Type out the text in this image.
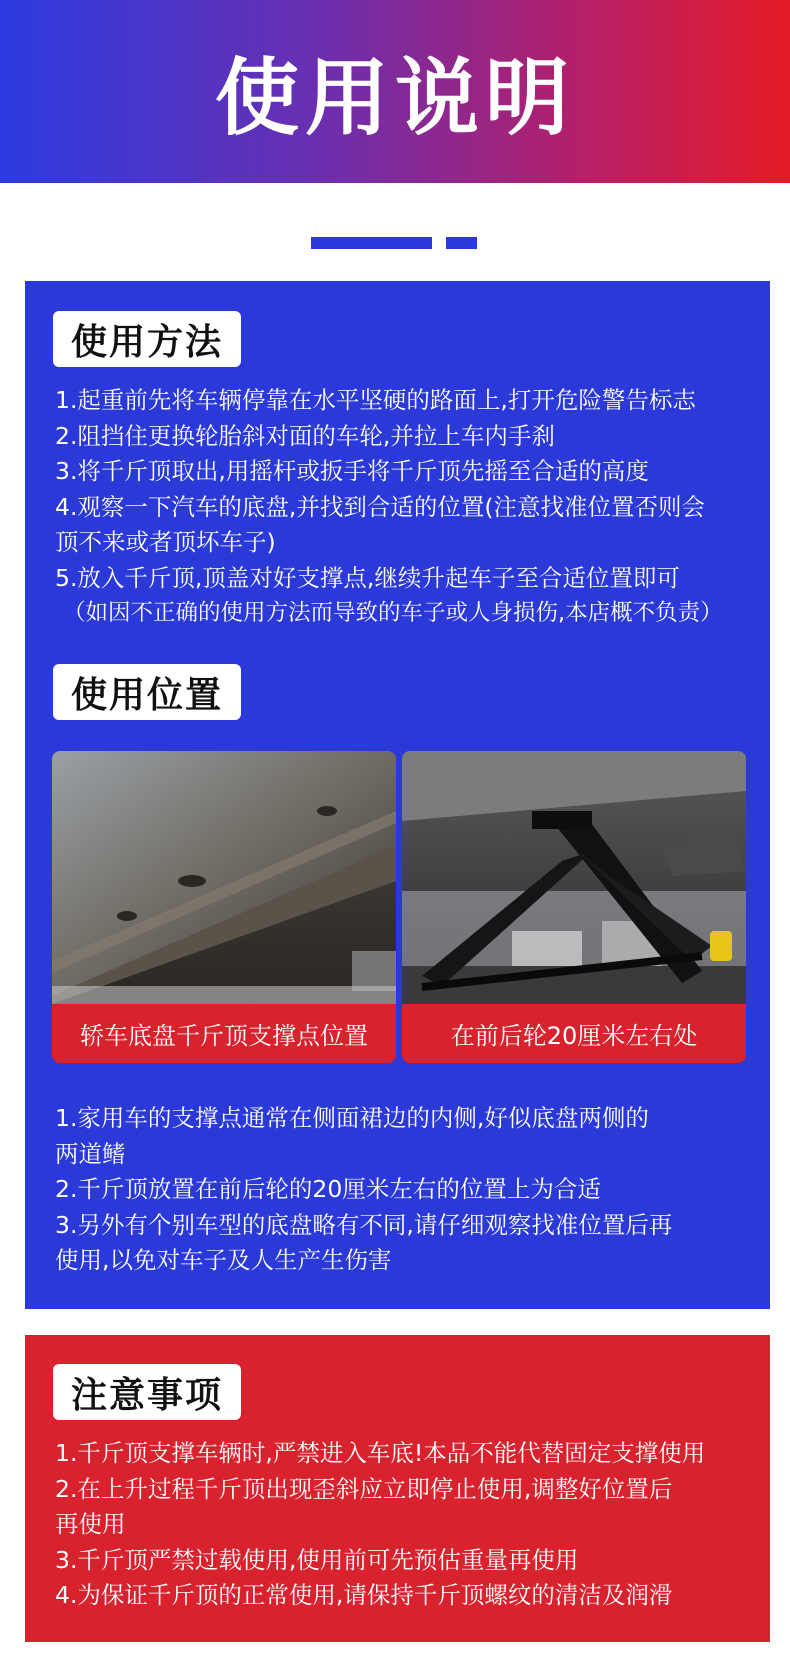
使用说明
使用方法
1.起重前先将车辆停靠在水平坚硬的路面上,打开危险警告标志
2.阻挡住更换轮胎斜对面的车轮,并拉上车内手刹
3.将千斤顶取出,用摇杆或扳手将千斤顶先摇至合适的高度
4.观察一下汽车的底盘,并找到合适的位置(注意找准位置否则会
顶不来或者顶坏车子)
5.放入千斤顶,顶盖对好支撑点,继续升起车子至合适位置即可
（如因不正确的使用方法而导致的车子或人身损伤,本店概不负责）
使用位置
轿车底盘千斤顶支撑点位置	在前后轮20厘米左右处
1.家用车的支撑点通常在侧面裙边的内侧,好似底盘两侧的
两道鳍
2.千斤顶放置在前后轮的20厘米左右的位置上为合适
3.另外有个别车型的底盘略有不同,请仔细观察找准位置后再
使用,以免对车子及人生产生伤害
注意事项
1.千斤顶支撑车辆时,严禁进入车底!本品不能代替固定支撑使用
2.在上升过程千斤顶出现歪斜应立即停止使用,调整好位置后
再使用
3.千斤顶严禁过载使用,使用前可先预估重量再使用
4.为保证千斤顶的正常使用,请保持千斤顶螺纹的清洁及润滑
